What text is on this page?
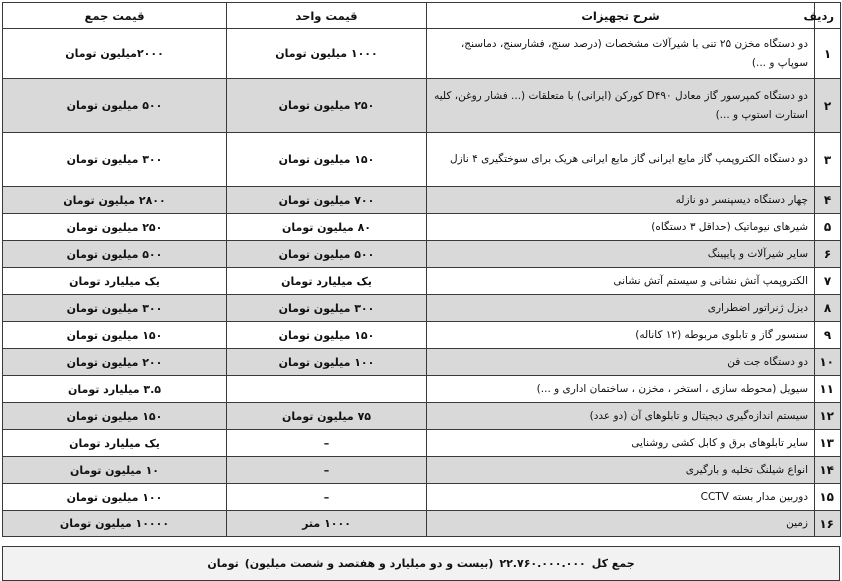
ردیف	شرح تجهیزات	قیمت واحد	قیمت جمع
۱	دو دستگاه مخزن ۲۵ تنی با شیرآلات مشخصات (درصد سنج، فشارسنج، دماسنج، سوپاپ و ...)	۱۰۰۰ میلیون تومان	۲۰۰۰میلیون تومان
۲	دو دستگاه کمپرسور گاز معادل D۴۹۰ کورکن (ایرانی) با متعلقات (... فشار روغن، کلیه استارت استوپ و ...)	۲۵۰ میلیون تومان	۵۰۰ میلیون تومان
۳	دو دستگاه الکتروپمپ گاز مایع ایرانی گاز مایع ایرانی هریک برای سوختگیری ۴ نازل	۱۵۰ میلیون تومان	۳۰۰ میلیون تومان
۴	چهار دستگاه دیسپنسر دو نازله	۷۰۰ میلیون تومان	۲۸۰۰ میلیون تومان
۵	شیرهای نیوماتیک (حداقل ۳ دستگاه)	۸۰ میلیون تومان	۲۵۰ میلیون تومان
۶	سایر شیرآلات و پایپینگ	۵۰۰ میلیون تومان	۵۰۰ میلیون تومان
۷	الکتروپمپ آتش نشانی و سیستم آتش نشانی	یک میلیارد تومان	یک میلیارد تومان
۸	دیزل ژنراتور اضطراری	۳۰۰ میلیون تومان	۳۰۰ میلیون تومان
۹	سنسور گاز و تابلوی مربوطه (۱۲ کاناله)	۱۵۰ میلیون تومان	۱۵۰ میلیون تومان
۱۰	دو دستگاه جت فن	۱۰۰ میلیون تومان	۲۰۰ میلیون تومان
۱۱	سیویل (محوطه سازی ، استخر ، مخزن ، ساختمان اداری و ...)		۳.۵ میلیارد تومان
۱۲	سیستم اندازه‌گیری دیجیتال و تابلوهای آن (دو عدد)	۷۵ میلیون تومان	۱۵۰ میلیون تومان
۱۳	سایر تابلوهای برق و کابل کشی روشنایی	–	یک میلیارد تومان
۱۴	انواع شیلنگ تخلیه و بارگیری	–	۱۰ میلیون تومان
۱۵	دوربین مدار بسته CCTV	–	۱۰۰ میلیون تومان
۱۶	زمین	۱۰۰۰ متر	۱۰۰۰۰ میلیون تومان
جمع کل
۲۲.۷۶۰.۰۰۰.۰۰۰
(بیست و دو میلیارد و هفتصد و شصت میلیون)
تومان
